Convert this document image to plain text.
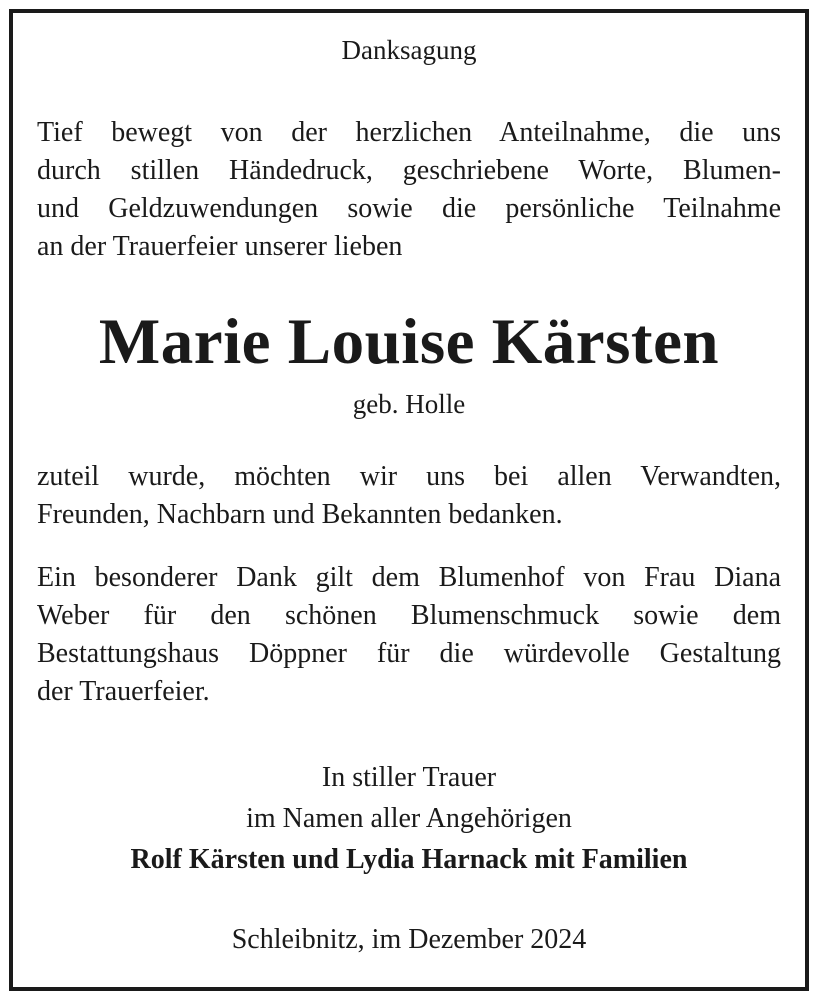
Danksagung
Tief bewegt von der herzlichen Anteilnahme, die uns
durch stillen Händedruck, geschriebene Worte, Blumen-
und Geldzuwendungen sowie die persönliche Teilnahme
an der Trauerfeier unserer lieben
Marie Louise Kärsten
geb. Holle
zuteil wurde, möchten wir uns bei allen Verwandten,
Freunden, Nachbarn und Bekannten bedanken.
Ein besonderer Dank gilt dem Blumenhof von Frau Diana
Weber für den schönen Blumenschmuck sowie dem
Bestattungshaus Döppner für die würdevolle Gestaltung
der Trauerfeier.
In stiller Trauer
im Namen aller Angehörigen
Rolf Kärsten und Lydia Harnack mit Familien
Schleibnitz, im Dezember 2024
